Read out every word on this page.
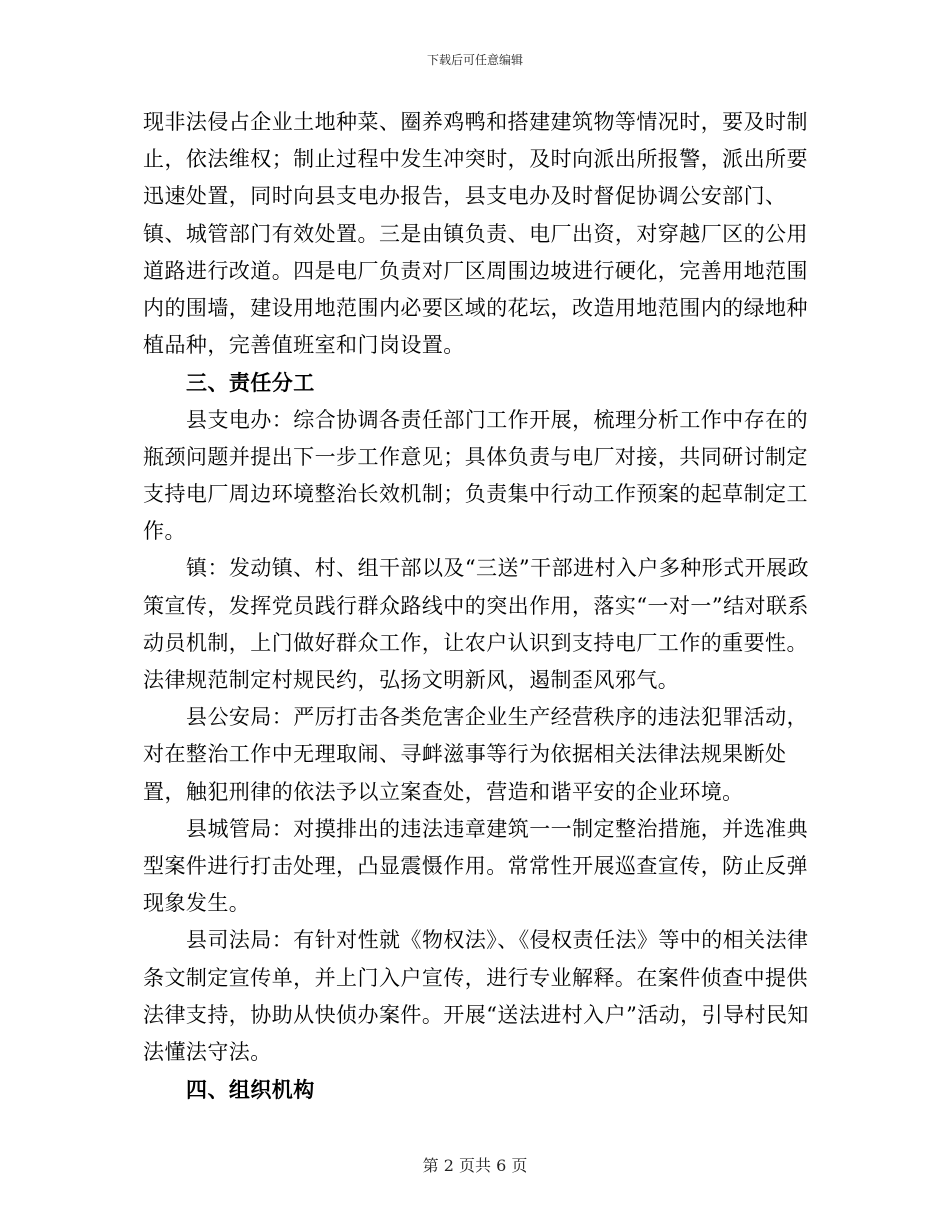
下载后可任意编辑

现非法侵占企业土地种菜、圈养鸡鸭和搭建建筑物等情况时，要及时制止，依法维权；制止过程中发生冲突时，及时向派出所报警，派出所要迅速处置，同时向县支电办报告，县支电办及时督促协调公安部门、镇、城管部门有效处置。三是由镇负责、电厂出资，对穿越厂区的公用道路进行改道。四是电厂负责对厂区周围边坡进行硬化，完善用地范围内的围墙，建设用地范围内必要区域的花坛，改造用地范围内的绿地种植品种，完善值班室和门岗设置。

三、责任分工

县支电办：综合协调各责任部门工作开展，梳理分析工作中存在的瓶颈问题并提出下一步工作意见；具体负责与电厂对接，共同研讨制定支持电厂周边环境整治长效机制；负责集中行动工作预案的起草制定工作。

镇：发动镇、村、组干部以及“三送”干部进村入户多种形式开展政策宣传，发挥党员践行群众路线中的突出作用，落实“一对一”结对联系动员机制，上门做好群众工作，让农户认识到支持电厂工作的重要性。法律规范制定村规民约，弘扬文明新风，遏制歪风邪气。

县公安局：严厉打击各类危害企业生产经营秩序的违法犯罪活动，对在整治工作中无理取闹、寻衅滋事等行为依据相关法律法规果断处置，触犯刑律的依法予以立案查处，营造和谐平安的企业环境。

县城管局：对摸排出的违法违章建筑一一制定整治措施，并选准典型案件进行打击处理，凸显震慑作用。常常性开展巡查宣传，防止反弹现象发生。

县司法局：有针对性就《物权法》、《侵权责任法》等中的相关法律条文制定宣传单，并上门入户宣传，进行专业解释。在案件侦查中提供法律支持，协助从快侦办案件。开展“送法进村入户”活动，引导村民知法懂法守法。

四、组织机构

第 2 页共 6 页
